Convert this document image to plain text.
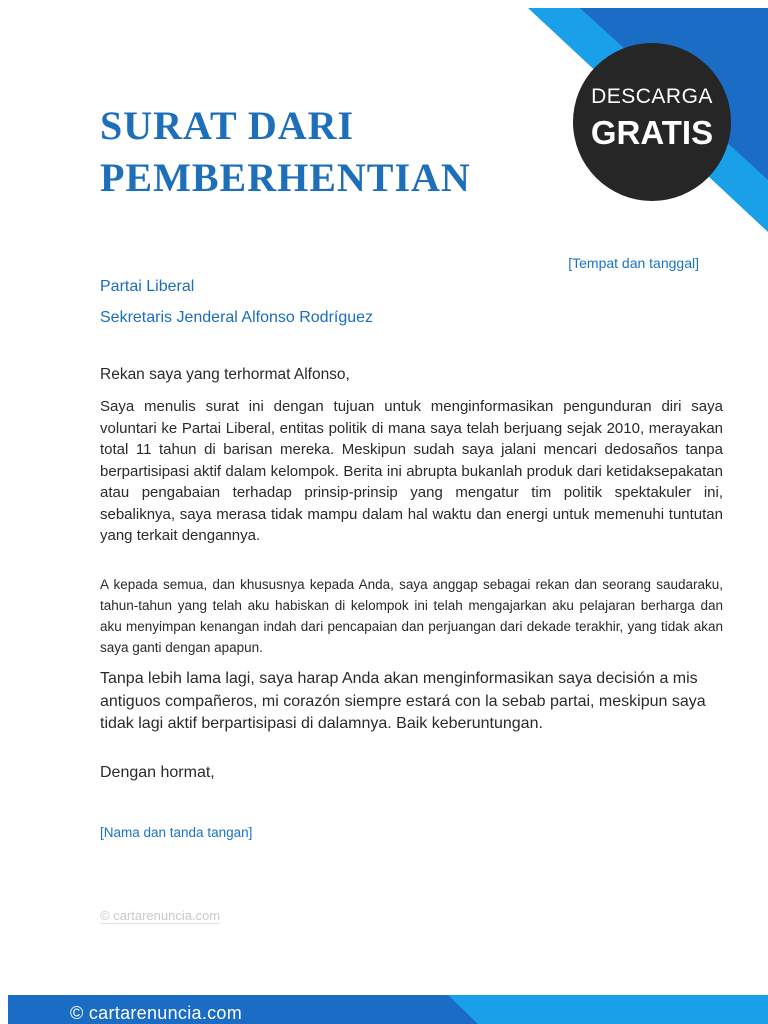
DESCARGA
GRATIS
SURAT DARI PEMBERHENTIAN
[Tempat dan tanggal]
Partai Liberal
Sekretaris Jenderal Alfonso Rodríguez

Rekan saya yang terhormat Alfonso,

Saya menulis surat ini dengan tujuan untuk menginformasikan pengunduran diri saya voluntari ke Partai Liberal, entitas politik di mana saya telah berjuang sejak 2010, merayakan total 11 tahun di barisan mereka. Meskipun sudah saya jalani mencari dedosaños tanpa berpartisipasi aktif dalam kelompok. Berita ini abrupta bukanlah produk dari ketidaksepakatan atau pengabaian terhadap prinsip-prinsip yang mengatur tim politik spektakuler ini, sebaliknya, saya merasa tidak mampu dalam hal waktu dan energi untuk memenuhi tuntutan yang terkait dengannya.

A kepada semua, dan khususnya kepada Anda, saya anggap sebagai rekan dan seorang saudaraku, tahun-tahun yang telah aku habiskan di kelompok ini telah mengajarkan aku pelajaran berharga dan aku menyimpan kenangan indah dari pencapaian dan perjuangan dari dekade terakhir, yang tidak akan saya ganti dengan apapun.

Tanpa lebih lama lagi, saya harap Anda akan menginformasikan saya decisión a mis antiguos compañeros, mi corazón siempre estará con la sebab partai, meskipun saya tidak lagi aktif berpartisipasi di dalamnya. Baik keberuntungan.

Dengan hormat,

[Nama dan tanda tangan]

© cartarenuncia.com
© cartarenuncia.com
